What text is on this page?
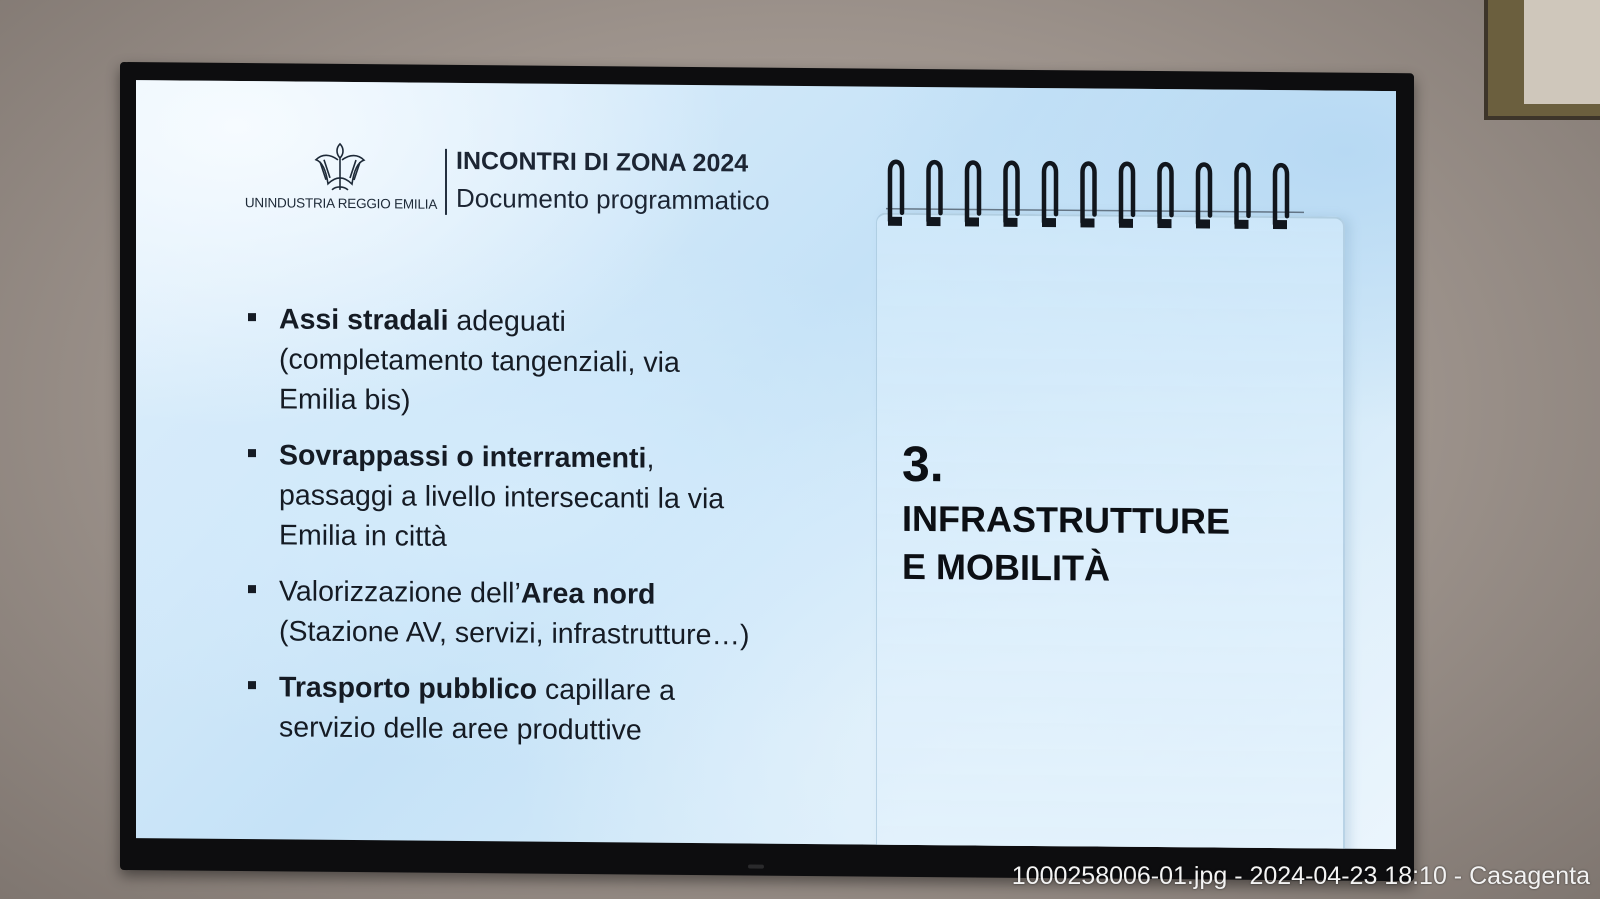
UNINDUSTRIA REGGIO EMILIA
INCONTRI DI ZONA 2024
Documento programmatico
Assi stradali adeguati
(completamento tangenziali, via
Emilia bis)
Sovrappassi o interramenti,
passaggi a livello intersecanti la via
Emilia in città
Valorizzazione dell’Area nord
(Stazione AV, servizi, infrastrutture…)
Trasporto pubblico capillare a
servizio delle aree produttive
3.
INFRASTRUTTURE
E MOBILITÀ
1000258006-01.jpg - 2024-04-23 18:10 - Casagenta
